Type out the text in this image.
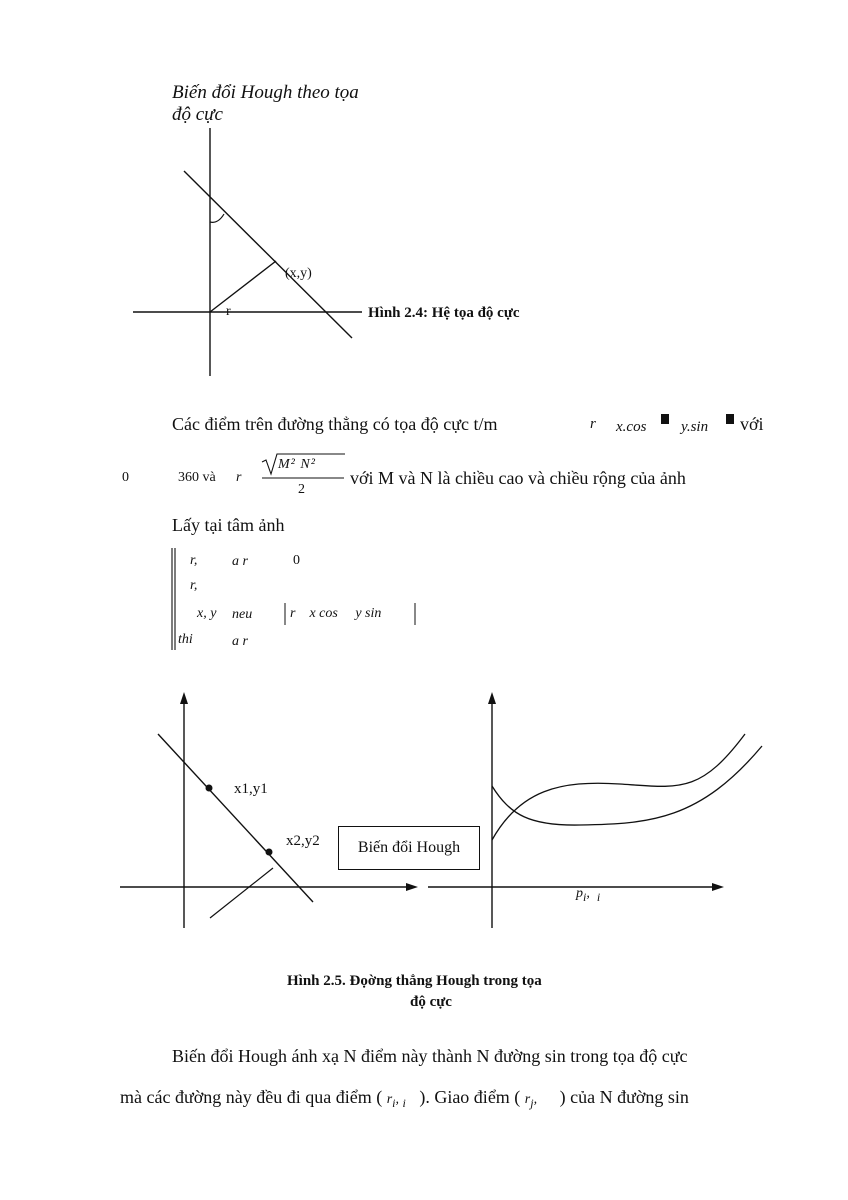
Biến đổi Hough theo tọa
độ cực
(x,y)
r	Hình 2.4: Hệ tọa độ cực
Các điểm trên đường thẳng có tọa độ cực t/m	r x.cos y.sin với
0	360 và r
M² N²
2
với M và N là chiều cao và chiều rộng của ảnh
Lấy tại tâm ảnh
r, a r	0
r,
x, y neu	r    x cos     y sin
thi	a r
x1,y1
x2,y2	Biến đổi Hough
$p_i$,  $_i$
Hình 2.5. Đọờng thẳng Hough trong tọa
độ cực
Biến đổi Hough ánh xạ N điểm này thành N đường sin trong tọa độ cực
mà các đường này đều đi qua điểm ( $r_i$, $_i$ ). Giao điểm ( $r_j$, ) của N đường sin
